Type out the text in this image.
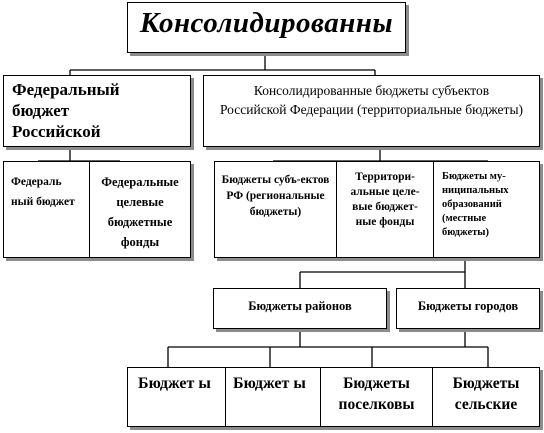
Консолидированны
Федеральный бюджет Российской
Консолидированные бюджеты субъектов Российской Федерации (территориальные бюджеты)
Федераль ный бюджет
Федеральные целевые бюджетные фонды
Бюджеты субъ-ектов РФ (региональные бюджеты)
Территори-альные целе-вые бюджет-ные фонды
Бюджеты му-ниципальных образований (местные бюджеты)
Бюджеты районов	Бюджеты городов
Бюджет ы	Бюджет ы	Бюджеты поселковы
Бюджеты сельские
